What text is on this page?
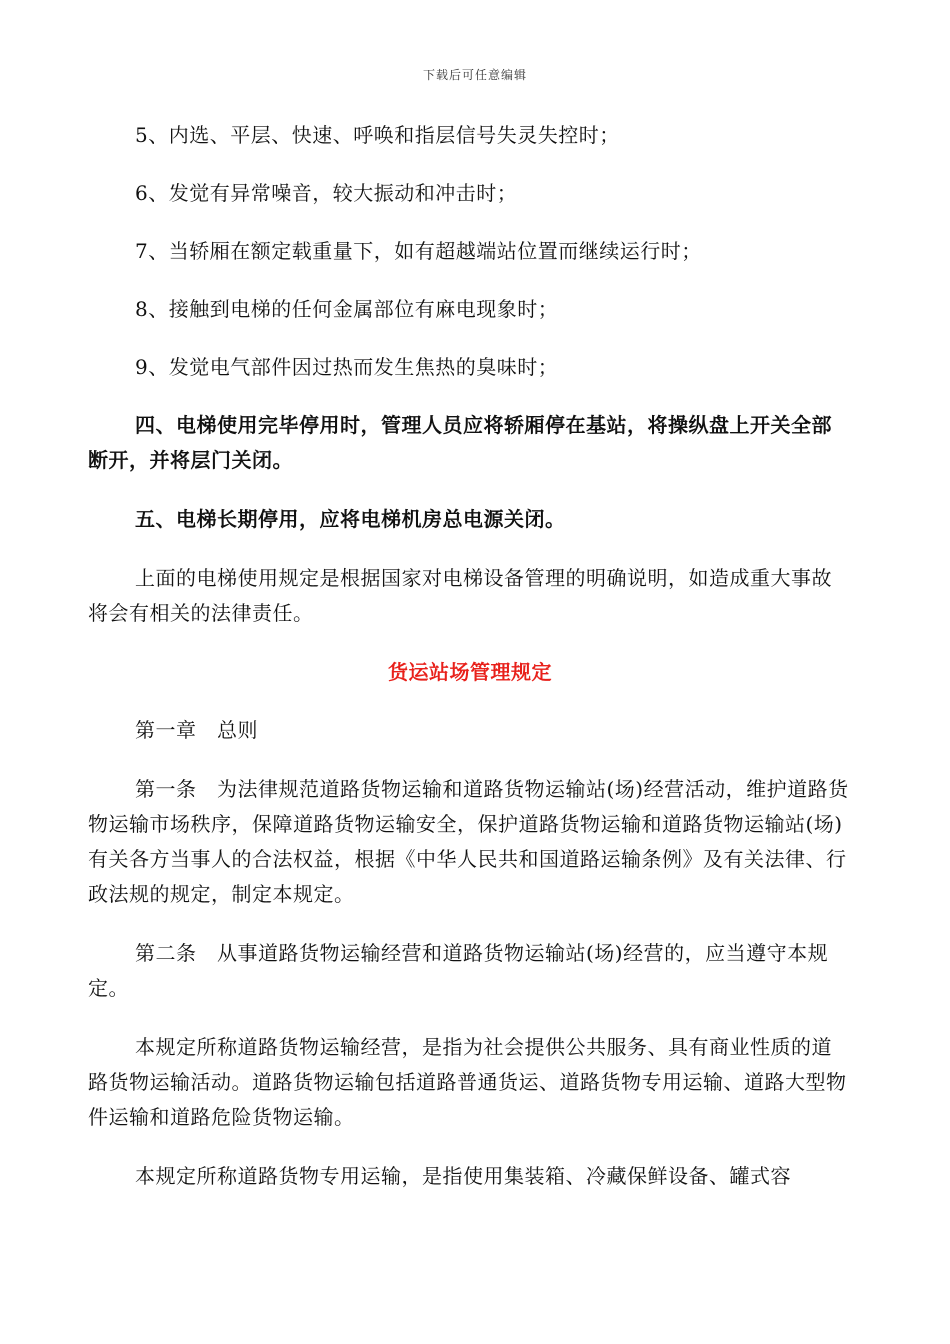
下载后可任意编辑

5、内选、平层、快速、呼唤和指层信号失灵失控时；

6、发觉有异常噪音，较大振动和冲击时；

7、当轿厢在额定载重量下，如有超越端站位置而继续运行时；

8、接触到电梯的任何金属部位有麻电现象时；

9、发觉电气部件因过热而发生焦热的臭味时；

四、电梯使用完毕停用时，管理人员应将轿厢停在基站，将操纵盘上开关全部断开，并将层门关闭。

五、电梯长期停用，应将电梯机房总电源关闭。

上面的电梯使用规定是根据国家对电梯设备管理的明确说明，如造成重大事故将会有相关的法律责任。

货运站场管理规定

第一章　总则

第一条　为法律规范道路货物运输和道路货物运输站(场)经营活动，维护道路货物运输市场秩序，保障道路货物运输安全，保护道路货物运输和道路货物运输站(场)有关各方当事人的合法权益，根据《中华人民共和国道路运输条例》及有关法律、行政法规的规定，制定本规定。

第二条　从事道路货物运输经营和道路货物运输站(场)经营的，应当遵守本规定。

本规定所称道路货物运输经营，是指为社会提供公共服务、具有商业性质的道路货物运输活动。道路货物运输包括道路普通货运、道路货物专用运输、道路大型物件运输和道路危险货物运输。

本规定所称道路货物专用运输，是指使用集装箱、冷藏保鲜设备、罐式容
